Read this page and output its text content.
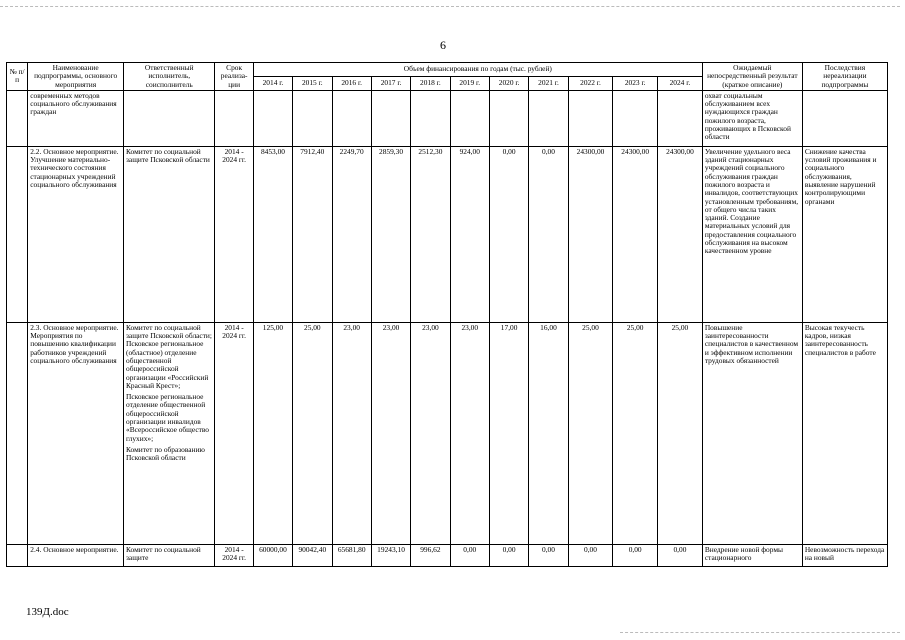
6
№ п/п	Наименование подпрограммы, основного мероприятия	Ответственный исполнитель, соисполнитель	Срок реализа-ции	Объем финансирования по годам (тыс. рублей)											Ожидаемый непосредственный результат (краткое описание)	Последствия нереализации подпрограммы
				2014 г.	2015 г.	2016 г.	2017 г.	2018 г.	2019 г.	2020 г.	2021 г.	2022 г.	2023 г.	2024 г.		
	современных методов социального обслуживания граждан														охват социальным обслуживанием всех нуждающихся граждан пожилого возраста, проживающих в Псковской области	
	2.2. Основное мероприятие. Улучшение материально-технического состояния стационарных учреждений социального обслуживания	Комитет по социальной защите Псковской области	2014 - 2024 гг.	8453,00	7912,40	2249,70	2859,30	2512,30	924,00	0,00	0,00	24300,00	24300,00	24300,00	Увеличение удельного веса зданий стационарных учреждений социального обслуживания граждан пожилого возраста и инвалидов, соответствующих установленным требованиям, от общего числа таких зданий. Создание материальных условий для предоставления социального обслуживания на высоком качественном уровне	Снижение качества условий проживания и социального обслуживания, выявление нарушений контролирующими органами
	2.3. Основное мероприятие. Мероприятия по повышению квалификации работников учреждений социального обслуживания	Комитет по социальной защите Псковской области; Псковское региональное (областное) отделение общественной общероссийской организации «Российский Красный Крест»;
Псковское региональное отделение общественной общероссийской организации инвалидов «Всероссийское общество глухих»;
Комитет по образованию Псковской области	2014 - 2024 гг.	125,00	25,00	23,00	23,00	23,00	23,00	17,00	16,00	25,00	25,00	25,00	Повышение заинтересованности специалистов в качественном и эффективном исполнении трудовых обязанностей	Высокая текучесть кадров, низкая заинтересованность специалистов в работе
	2.4. Основное мероприятие.	Комитет по социальной защите	2014 - 2024 гг.	60000,00	90042,40	65681,80	19243,10	996,62	0,00	0,00	0,00	0,00	0,00	0,00	Внедрение новой формы стационарного	Невозможность перехода на новый
139Д.doc
